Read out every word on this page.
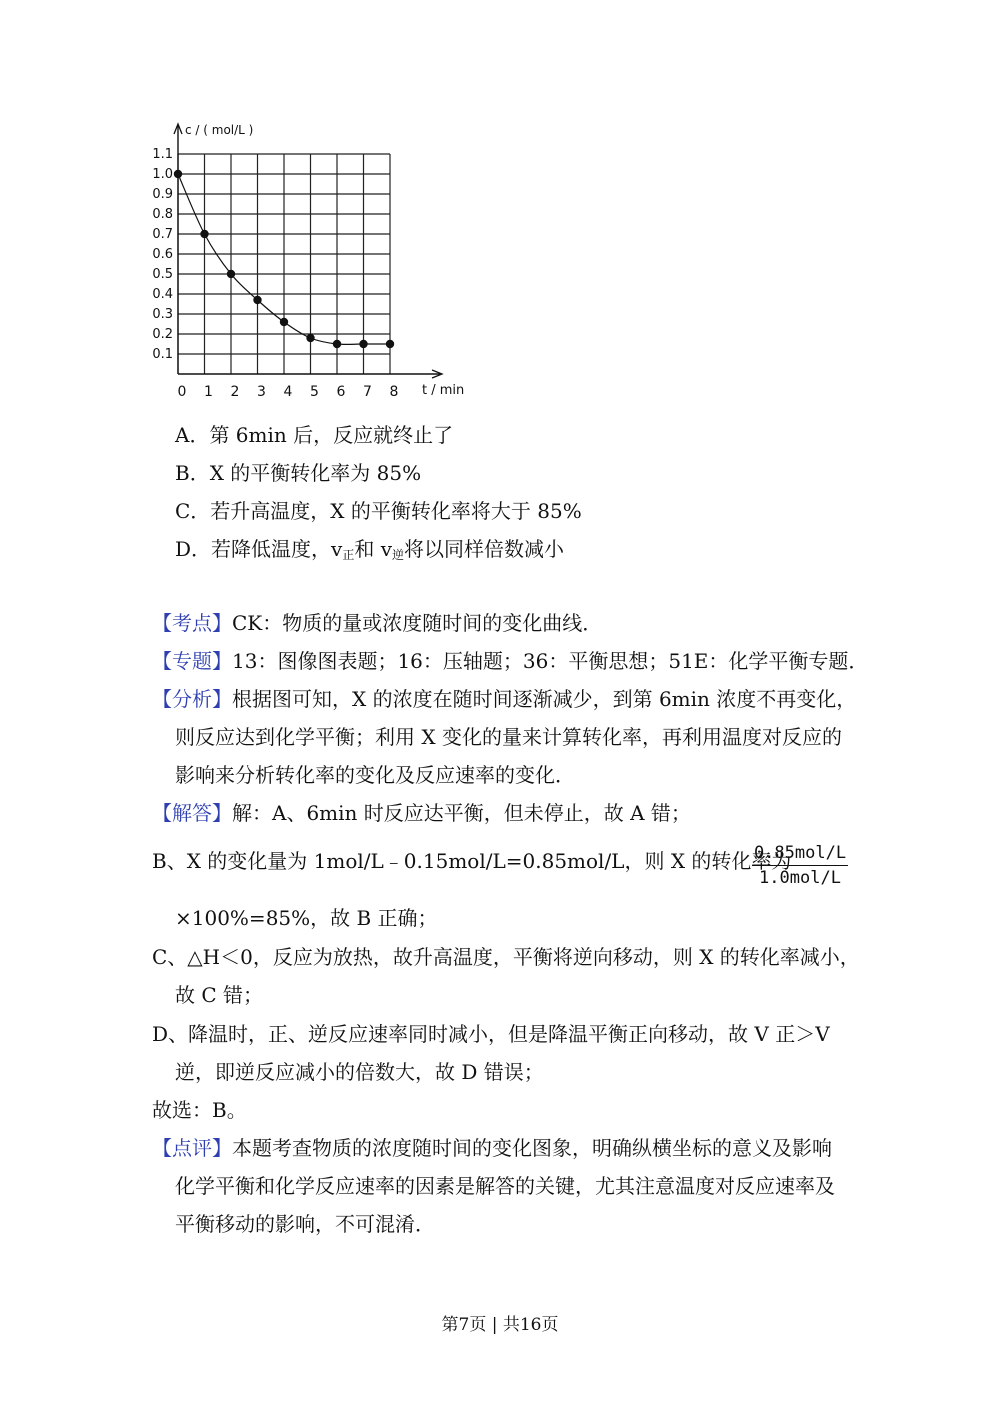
c / ( mol/L )
t / min
0.1
0.2
0.3
0.4
0.5
0.6
0.7
0.8
0.9
1.0
1.1
0 1 2 3 4 5 6 7 8
A．第 6min 后，反应就终止了
B．X 的平衡转化率为 85%
C．若升高温度，X 的平衡转化率将大于 85%
D．若降低温度，$v_正$和 $v_逆$将以同样倍数减小
【考点】CK：物质的量或浓度随时间的变化曲线．
【专题】13：图像图表题；16：压轴题；36：平衡思想；51E：化学平衡专题．
【分析】根据图可知，X 的浓度在随时间逐渐减少，到第 6min 浓度不再变化，
则反应达到化学平衡；利用 X 变化的量来计算转化率，再利用温度对反应的
影响来分析转化率的变化及反应速率的变化．
【解答】解：A、6min 时反应达平衡，但未停止，故 A 错；
B、X 的变化量为 1mol/L﹣0.15mol/L=0.85mol/L，则 X 的转化率为
0.85mol/L
1.0mol/L
×100%=85%，故 B 正确；
C、△H＜0，反应为放热，故升高温度，平衡将逆向移动，则 X 的转化率减小，
故 C 错；
D、降温时，正、逆反应速率同时减小，但是降温平衡正向移动，故 V 正＞V
逆，即逆反应减小的倍数大，故 D 错误；
故选：B。
【点评】本题考查物质的浓度随时间的变化图象，明确纵横坐标的意义及影响
化学平衡和化学反应速率的因素是解答的关键，尤其注意温度对反应速率及
平衡移动的影响，不可混淆．
第7页 | 共16页
